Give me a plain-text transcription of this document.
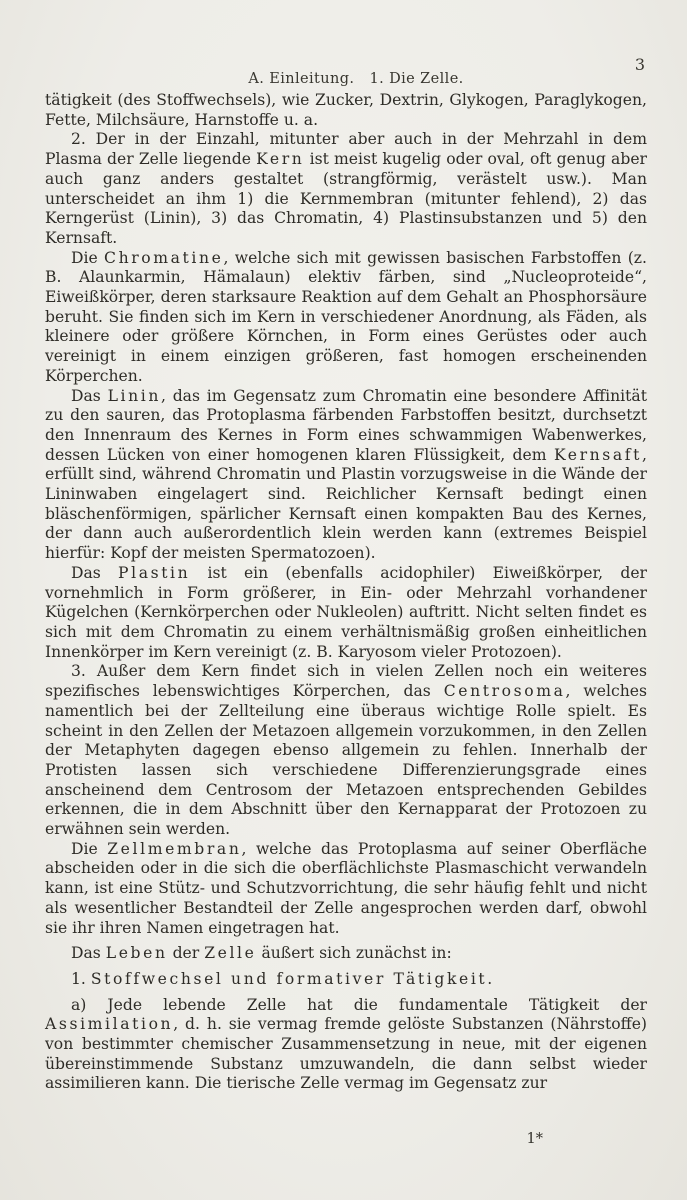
A. Einleitung.   1. Die Zelle.

3

tätigkeit (des Stoffwechsels), wie Zucker, Dextrin, Glykogen, Paraglykogen, Fette, Milchsäure, Harnstoffe u. a.

2. Der in der Einzahl, mitunter aber auch in der Mehrzahl in dem Plasma der Zelle liegende Kern ist meist kugelig oder oval, oft genug aber auch ganz anders gestaltet (strangförmig, verästelt usw.). Man unterscheidet an ihm 1) die Kernmembran (mitunter fehlend), 2) das Kerngerüst (Linin), 3) das Chromatin, 4) Plastinsubstanzen und 5) den Kernsaft.

Die Chromatine, welche sich mit gewissen basischen Farbstoffen (z. B. Alaunkarmin, Hämalaun) elektiv färben, sind „Nucleoproteide“, Eiweißkörper, deren starksaure Reaktion auf dem Gehalt an Phosphorsäure beruht. Sie finden sich im Kern in verschiedener Anordnung, als Fäden, als kleinere oder größere Körnchen, in Form eines Gerüstes oder auch vereinigt in einem einzigen größeren, fast homogen erscheinenden Körperchen.

Das Linin, das im Gegensatz zum Chromatin eine besondere Affinität zu den sauren, das Protoplasma färbenden Farbstoffen besitzt, durchsetzt den Innenraum des Kernes in Form eines schwammigen Wabenwerkes, dessen Lücken von einer homogenen klaren Flüssigkeit, dem Kernsaft, erfüllt sind, während Chromatin und Plastin vorzugsweise in die Wände der Lininwaben eingelagert sind. Reichlicher Kernsaft bedingt einen bläschenförmigen, spärlicher Kernsaft einen kompakten Bau des Kernes, der dann auch außerordentlich klein werden kann (extremes Beispiel hierfür: Kopf der meisten Spermatozoen).

Das Plastin ist ein (ebenfalls acidophiler) Eiweißkörper, der vornehmlich in Form größerer, in Ein- oder Mehrzahl vorhandener Kügelchen (Kernkörperchen oder Nukleolen) auftritt. Nicht selten findet es sich mit dem Chromatin zu einem verhältnismäßig großen einheitlichen Innenkörper im Kern vereinigt (z. B. Karyosom vieler Protozoen).

3. Außer dem Kern findet sich in vielen Zellen noch ein weiteres spezifisches lebenswichtiges Körperchen, das Centrosoma, welches namentlich bei der Zellteilung eine überaus wichtige Rolle spielt. Es scheint in den Zellen der Metazoen allgemein vorzukommen, in den Zellen der Metaphyten dagegen ebenso allgemein zu fehlen. Innerhalb der Protisten lassen sich verschiedene Differenzierungsgrade eines anscheinend dem Centrosom der Metazoen entsprechenden Gebildes erkennen, die in dem Abschnitt über den Kernapparat der Protozoen zu erwähnen sein werden.

Die Zellmembran, welche das Protoplasma auf seiner Oberfläche abscheiden oder in die sich die oberflächlichste Plasmaschicht verwandeln kann, ist eine Stütz- und Schutzvorrichtung, die sehr häufig fehlt und nicht als wesentlicher Bestandteil der Zelle angesprochen werden darf, obwohl sie ihr ihren Namen eingetragen hat.

Das Leben der Zelle äußert sich zunächst in:

1. Stoffwechsel und formativer Tätigkeit.

a) Jede lebende Zelle hat die fundamentale Tätigkeit der Assimilation, d. h. sie vermag fremde gelöste Substanzen (Nährstoffe) von bestimmter chemischer Zusammensetzung in neue, mit der eigenen übereinstimmende Substanz umzuwandeln, die dann selbst wieder assimilieren kann. Die tierische Zelle vermag im Gegensatz zur

1*
